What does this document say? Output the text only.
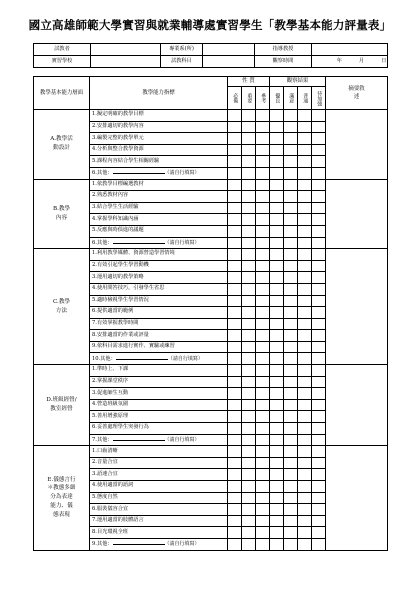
國立高雄師範大學實習與就業輔導處實習學生「教學基本能力評量表」
試教者		專業系(所)		指導教授	
實習學校		試教科目		觀察時間	年 月 日
教學基本能力層面	教學能力指標	性 質			觀察結果				摘要敘述
		必備	重要	參考	優良	滿意	普通	待加強	

A.教學活
動設計	1.擬定明確的教學目標								
	2.安排適切的教學內容								
	3.編製完整的教學單元								
	4.分析與整合教學資源								
	5.課程內容結合學生相關經驗								
	6.其他： （請自行填寫）								

B.教學
內容	1.依教學目標編選教材								
	2.熟悉教材內容								
	3.結合學生生活經驗								
	4.掌握學科知識內涵								
	5.反應與時俱進的議題								
	6.其他： （請自行填寫）								

C.教學
方法	1.利用教學媒體、資源營造學習情境								
	2.有效引起學生學習動機								
	3.運用適切的教學策略								
	4.使用問答技巧，引發學生省思								
	5.適時檢視學生學習情況								
	6.提供適當的範例								
	7.有效掌握教學時間								
	8.安排適當的作業或評量								
	9.依科目需求進行實作、實驗或練習								
	10.其他： （請自行填寫）								

D.班級經營/
教室經營	1.準時上、下課								
	2.掌握課堂秩序								
	3.促進師生互動								
	4.營造班級氛圍								
	5.善用增強原理								
	6.妥善處理學生突發行為								
	7.其他： （請自行填寫）								

E.儀態言行
＊教態多細
分為表達
能力、儀
態表現	1.口齒清晰								
	2.音量合宜								
	3.語速合宜								
	4.使用適當的語詞								
	5.態度自然								
	6.服裝儀容合宜								
	7.運用適當的肢體語言								
	8.目光環視全班								
	9.其他： （請自行填寫）								
